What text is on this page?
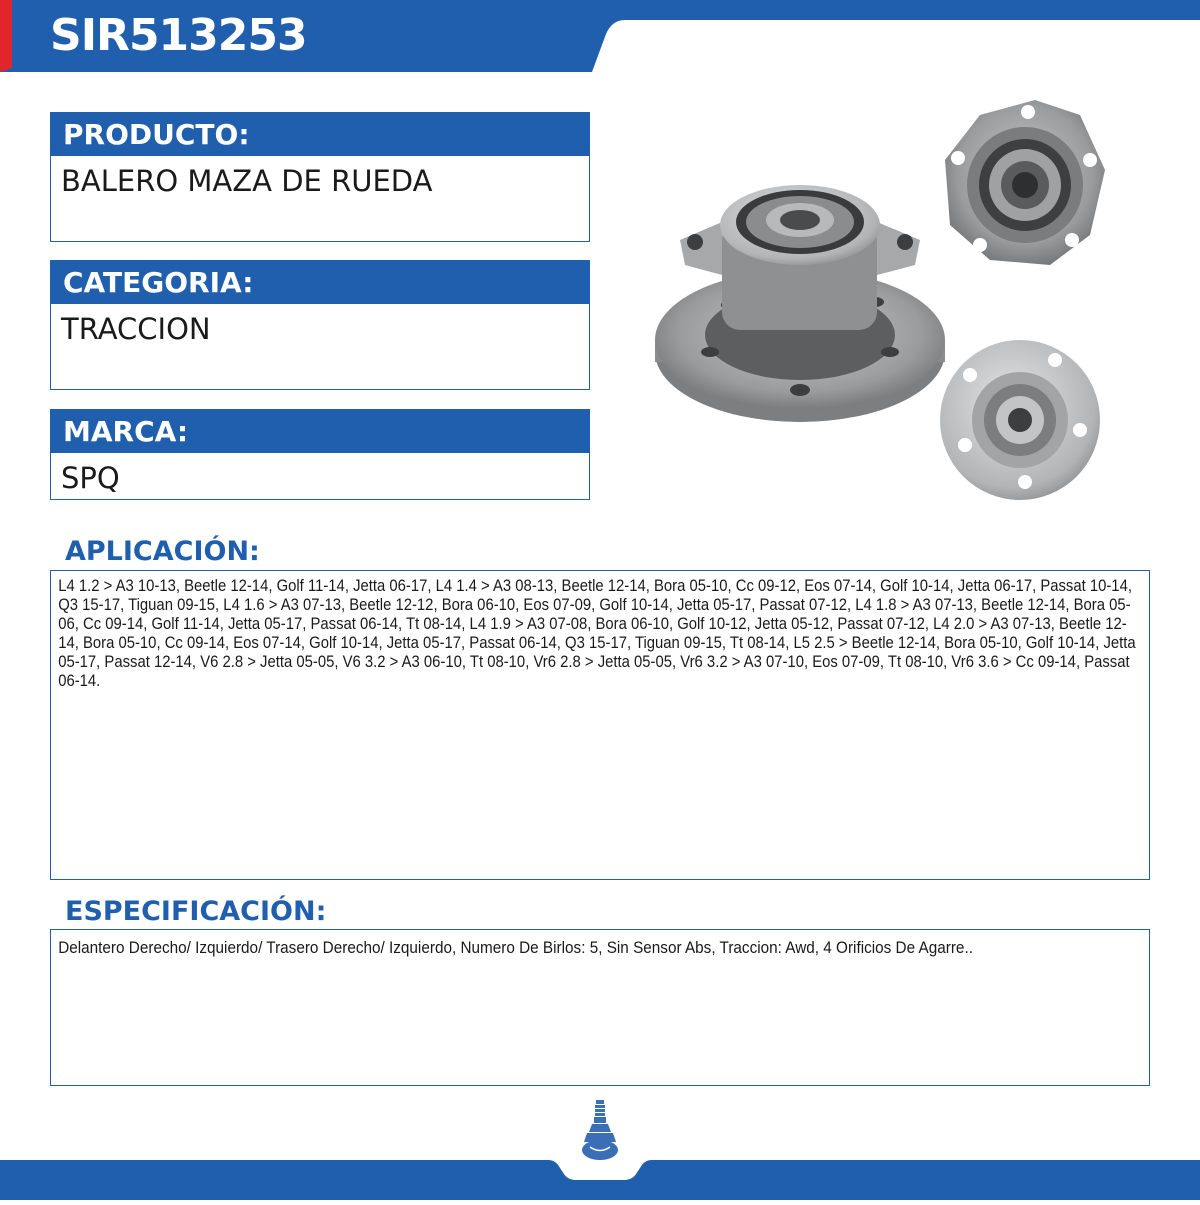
SIR513253
PRODUCTO:
BALERO MAZA DE RUEDA
CATEGORIA:
TRACCION
MARCA:
SPQ
APLICACIÓN:
L4 1.2 > A3 10-13, Beetle 12-14, Golf 11-14, Jetta 06-17, L4 1.4 > A3 08-13, Beetle 12-14, Bora 05-10, Cc 09-12, Eos 07-14, Golf 10-14, Jetta 06-17, Passat 10-14, Q3 15-17, Tiguan 09-15, L4 1.6 > A3 07-13, Beetle 12-12, Bora 06-10, Eos 07-09, Golf 10-14, Jetta 05-17, Passat 07-12, L4 1.8 > A3 07-13, Beetle 12-14, Bora 05-06, Cc 09-14, Golf 11-14, Jetta 05-17, Passat 06-14, Tt 08-14, L4 1.9 > A3 07-08, Bora 06-10, Golf 10-12, Jetta 05-12, Passat 07-12, L4 2.0 > A3 07-13, Beetle 12-14, Bora 05-10, Cc 09-14, Eos 07-14, Golf 10-14, Jetta 05-17, Passat 06-14, Q3 15-17, Tiguan 09-15, Tt 08-14, L5 2.5 > Beetle 12-14, Bora 05-10, Golf 10-14, Jetta 05-17, Passat 12-14, V6 2.8 > Jetta 05-05, V6 3.2 > A3 06-10, Tt 08-10, Vr6 2.8 > Jetta 05-05, Vr6 3.2 > A3 07-10, Eos 07-09, Tt 08-10, Vr6 3.6 > Cc 09-14, Passat 06-14.
ESPECIFICACIÓN:
Delantero Derecho/ Izquierdo/ Trasero Derecho/ Izquierdo, Numero De Birlos: 5, Sin Sensor Abs, Traccion: Awd, 4 Orificios De Agarre..
TRACCIÓN
